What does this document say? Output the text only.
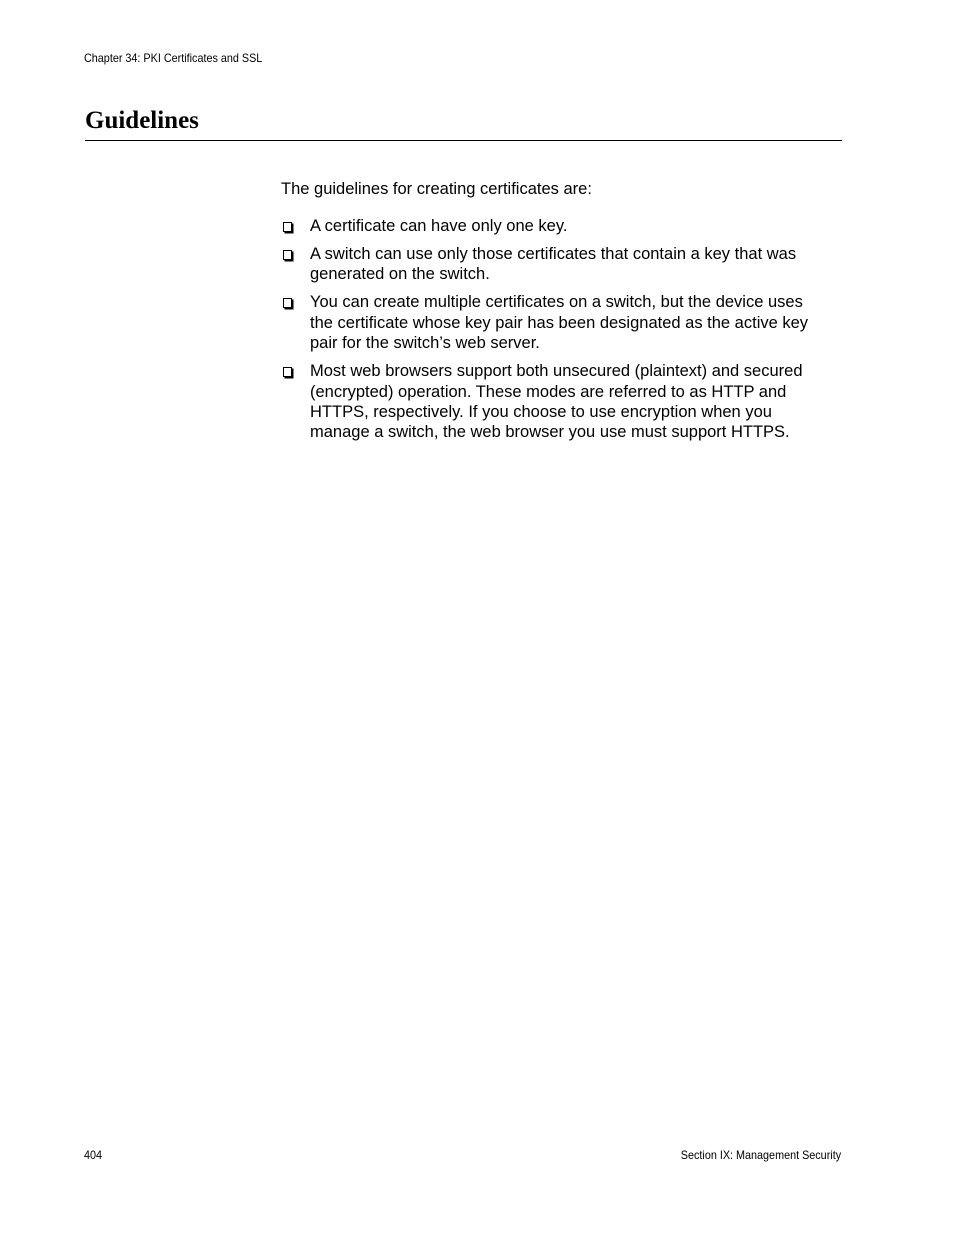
Chapter 34: PKI Certificates and SSL
Guidelines

The guidelines for creating certificates are:

A certificate can have only one key.
A switch can use only those certificates that contain a key that was
generated on the switch.
You can create multiple certificates on a switch, but the device uses
the certificate whose key pair has been designated as the active key
pair for the switch’s web server.
Most web browsers support both unsecured (plaintext) and secured
(encrypted) operation. These modes are referred to as HTTP and
HTTPS, respectively. If you choose to use encryption when you
manage a switch, the web browser you use must support HTTPS.
404	Section IX: Management Security
